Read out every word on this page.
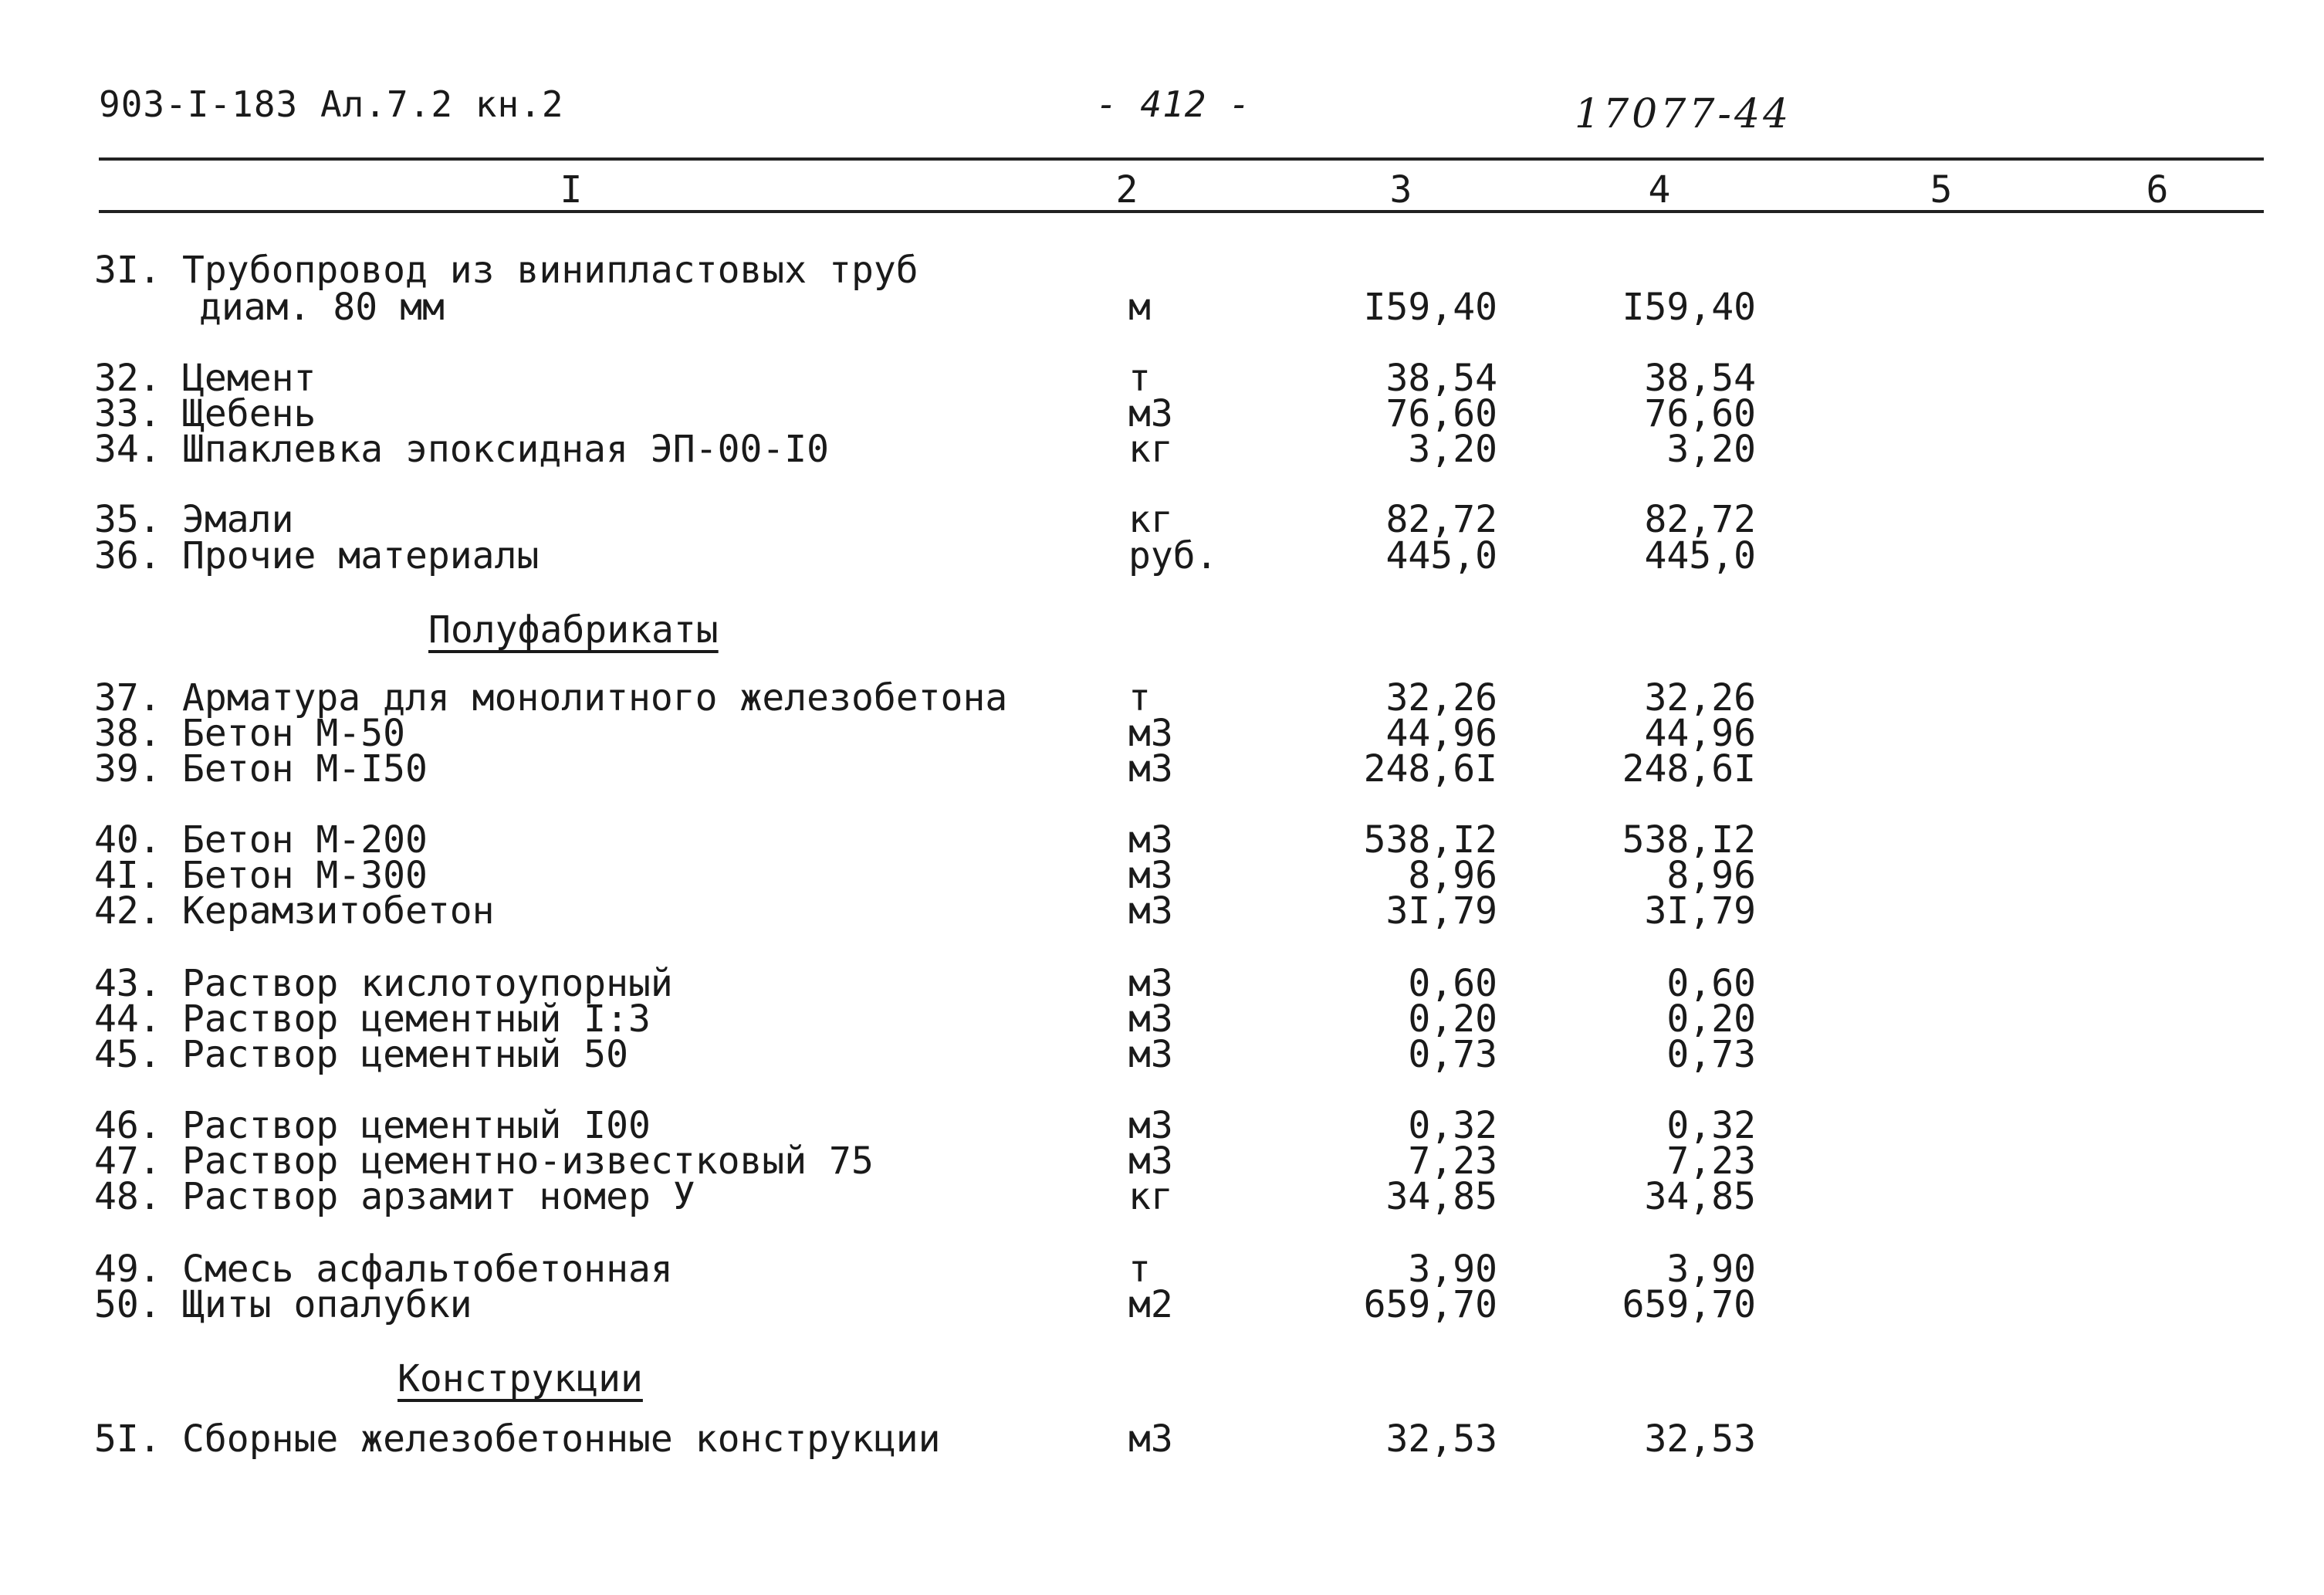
903-I-183 Ал.7.2 кн.2	- 412 -	17077-44
I	2	3	4	5	6
3I. Трубопровод из винипластовых труб
диам. 80 мм	м	I59,40	I59,40
32. Цемент	т	38,54	38,54
33. Щебень	м3	76,60	76,60
34. Шпаклевка эпоксидная ЭП-00-I0	кг	3,20	3,20
35. Эмали	кг	82,72	82,72
36. Прочие материалы	руб.	445,0	445,0
Полуфабрикаты
37. Арматура для монолитного железобетона	т	32,26	32,26
38. Бетон М-50	м3	44,96	44,96
39. Бетон М-I50	м3	248,6I	248,6I
40. Бетон М-200	м3	538,I2	538,I2
4I. Бетон М-300	м3	8,96	8,96
42. Керамзитобетон	м3	3I,79	3I,79
43. Раствор кислотоупорный	м3	0,60	0,60
44. Раствор цементный I:3	м3	0,20	0,20
45. Раствор цементный 50	м3	0,73	0,73
46. Раствор цементный I00	м3	0,32	0,32
47. Раствор цементно-известковый 75	м3	7,23	7,23
48. Раствор арзамит номер У	кг	34,85	34,85
49. Смесь асфальтобетонная	т	3,90	3,90
50. Щиты опалубки	м2	659,70	659,70
Конструкции
5I. Сборные железобетонные конструкции	м3	32,53	32,53
